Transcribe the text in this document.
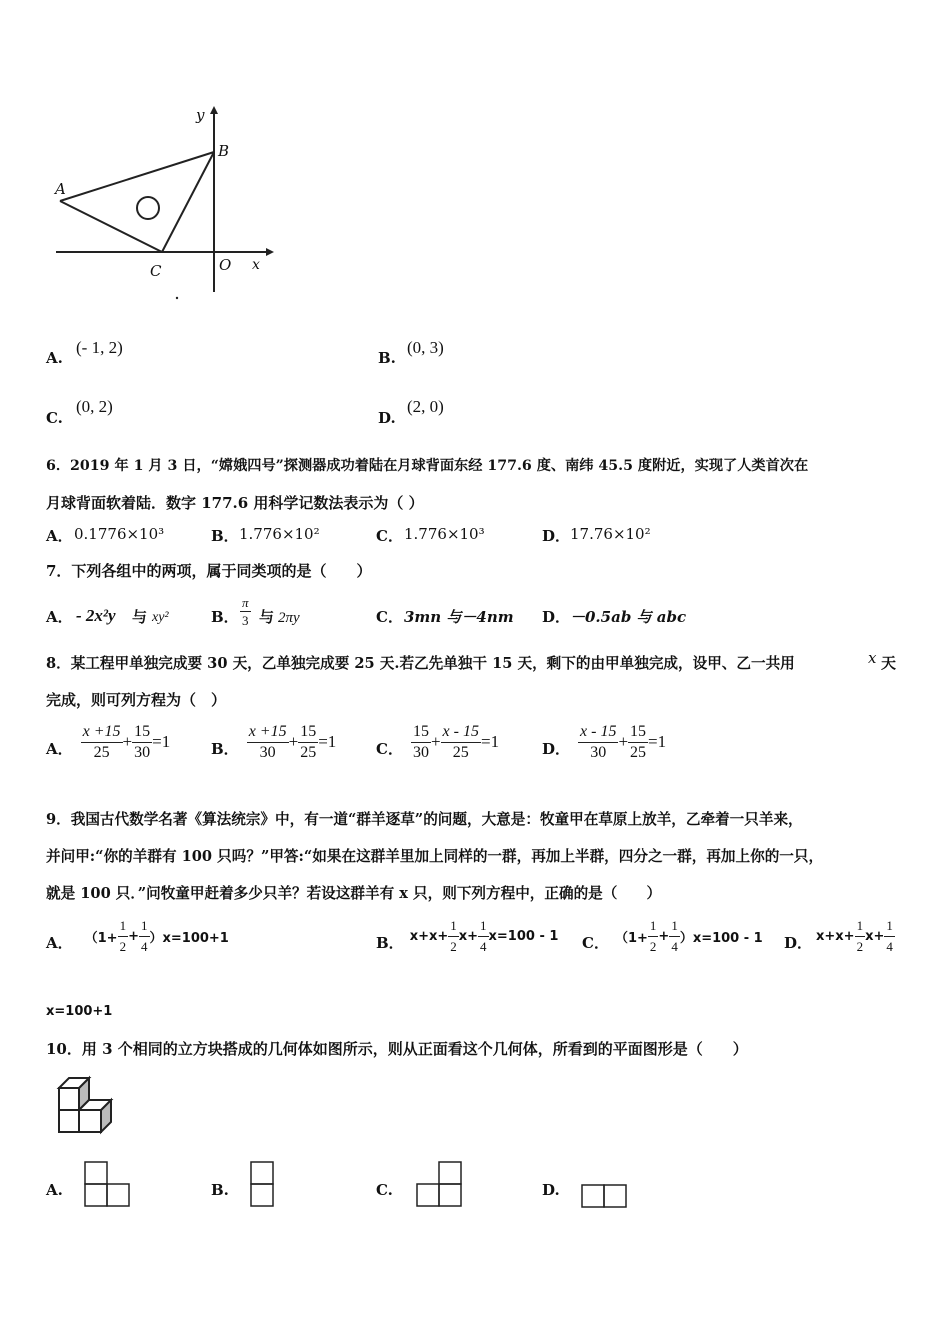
y
B
A
C	O x
A.
(- 1, 2)
B.
(0, 3)
C.
(0, 2)
D.
(2, 0)
6．2019 年 1 月 3 日，“嫦娥四号”探测器成功着陆在月球背面东经 177.6 度、南纬 45.5 度附近，实现了人类首次在
月球背面软着陆．数字 177.6 用科学记数法表示为（ ）
A． 0.1776×10³	B． 1.776×10²	C． 1.776×10³	D． 17.76×10²
7．下列各组中的两项，属于同类项的是（　　）
A． - 2x²y 与 xy²	B． $\frac{\pi}{3}$ 与 2πy	C． 3mn 与－4nm D． －0.5ab 与 abc
8．某工程甲单独完成要 30 天，乙单独完成要 25 天.若乙先单独干 15 天，剩下的由甲单独完成，设甲、乙一共用	x 天
完成，则可列方程为（　）
A． $\frac{x +15}{25} + \frac{15}{30} =1$	B． $\frac{x +15}{30} + \frac{15}{25} =1$	C． $\frac{15}{30} + \frac{x - 15}{25} =1$	D． $\frac{x - 15}{30} + \frac{15}{25} =1$
9．我国古代数学名著《算法统宗》中，有一道“群羊逐草”的问题，大意是：牧童甲在草原上放羊，乙牵着一只羊来，
并问甲:“你的羊群有 100 只吗？”甲答:“如果在这群羊里加上同样的一群，再加上半群，四分之一群，再加上你的一只，
就是 100 只．”问牧童甲赶着多少只羊？若设这群羊有 x 只，则下列方程中，正确的是（　　）
A． $(1+ \frac{1}{2} + \frac{1}{4} )x=100+1$	B． $x+x+ \frac{1}{2} x+ \frac{1}{4} x=100 - 1$ C． $(1+ \frac{1}{2} + \frac{1}{4} )x=100 - 1$ D． $x+x+ \frac{1}{2} x+ \frac{1}{4}$
x=100+1
10．用 3 个相同的立方块搭成的几何体如图所示，则从正面看这个几何体，所看到的平面图形是（　　）
A.	B.	C.	D.
